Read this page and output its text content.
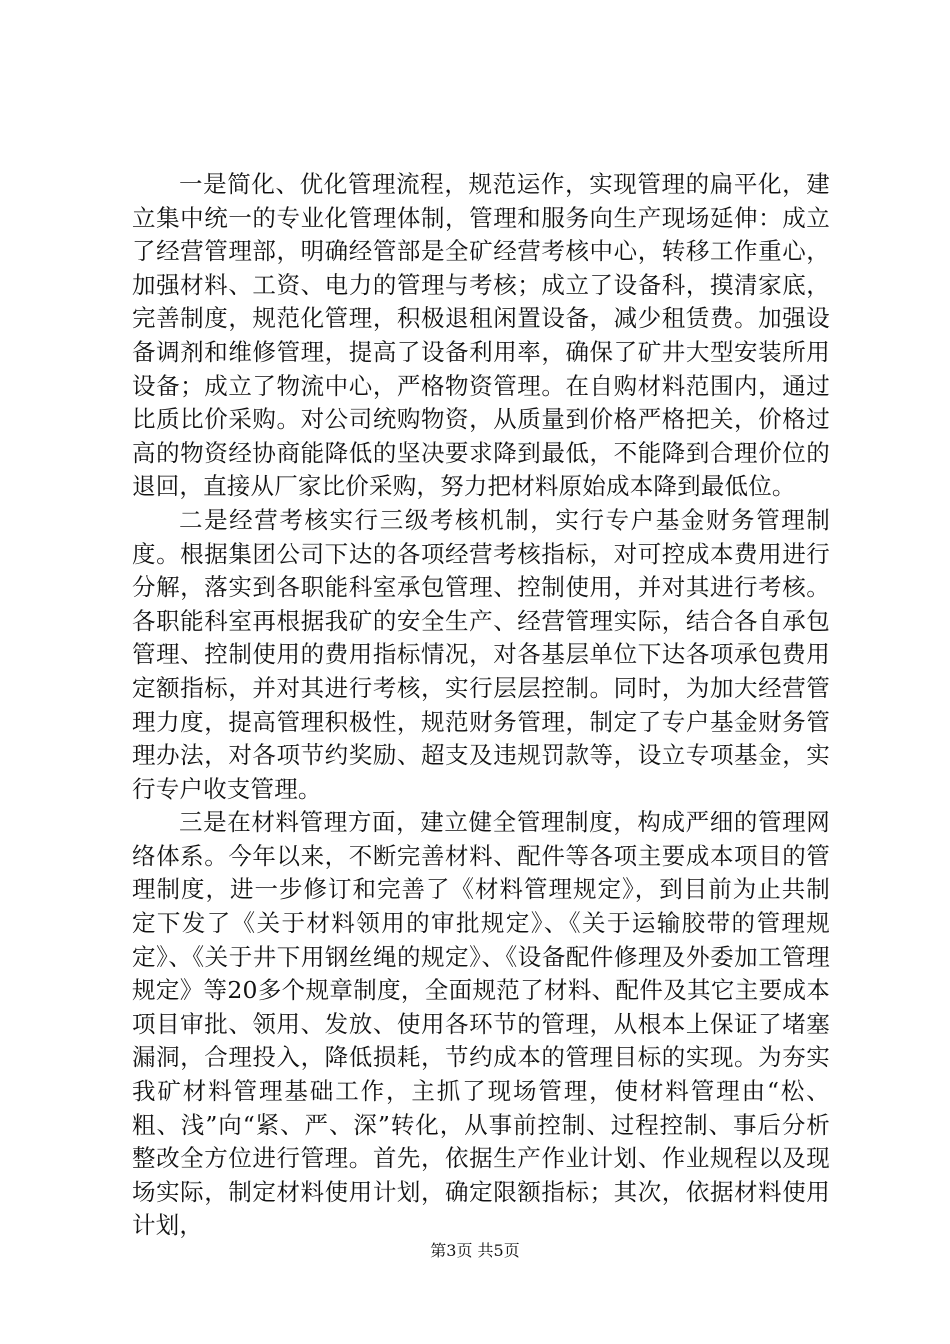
一是简化、优化管理流程，规范运作，实现管理的扁平化，建立集中统一的专业化管理体制，管理和服务向生产现场延伸：成立了经营管理部，明确经管部是全矿经营考核中心，转移工作重心，加强材料、工资、电力的管理与考核；成立了设备科，摸清家底，完善制度，规范化管理，积极退租闲置设备，减少租赁费。加强设备调剂和维修管理，提高了设备利用率，确保了矿井大型安装所用设备；成立了物流中心，严格物资管理。在自购材料范围内，通过比质比价采购。对公司统购物资，从质量到价格严格把关，价格过高的物资经协商能降低的坚决要求降到最低，不能降到合理价位的退回，直接从厂家比价采购，努力把材料原始成本降到最低位。

二是经营考核实行三级考核机制，实行专户基金财务管理制度。根据集团公司下达的各项经营考核指标，对可控成本费用进行分解，落实到各职能科室承包管理、控制使用，并对其进行考核。各职能科室再根据我矿的安全生产、经营管理实际，结合各自承包管理、控制使用的费用指标情况，对各基层单位下达各项承包费用定额指标，并对其进行考核，实行层层控制。同时，为加大经营管理力度，提高管理积极性，规范财务管理，制定了专户基金财务管理办法，对各项节约奖励、超支及违规罚款等，设立专项基金，实行专户收支管理。

三是在材料管理方面，建立健全管理制度，构成严细的管理网络体系。今年以来，不断完善材料、配件等各项主要成本项目的管理制度，进一步修订和完善了《材料管理规定》，到目前为止共制定下发了《关于材料领用的审批规定》、《关于运输胶带的管理规定》、《关于井下用钢丝绳的规定》、《设备配件修理及外委加工管理规定》等20多个规章制度，全面规范了材料、配件及其它主要成本项目审批、领用、发放、使用各环节的管理，从根本上保证了堵塞漏洞，合理投入，降低损耗，节约成本的管理目标的实现。为夯实我矿材料管理基础工作，主抓了现场管理，使材料管理由“松、粗、浅”向“紧、严、深”转化，从事前控制、过程控制、事后分析整改全方位进行管理。首先，依据生产作业计划、作业规程以及现场实际，制定材料使用计划，确定限额指标；其次，依据材料使用计划，

第3页 共5页
